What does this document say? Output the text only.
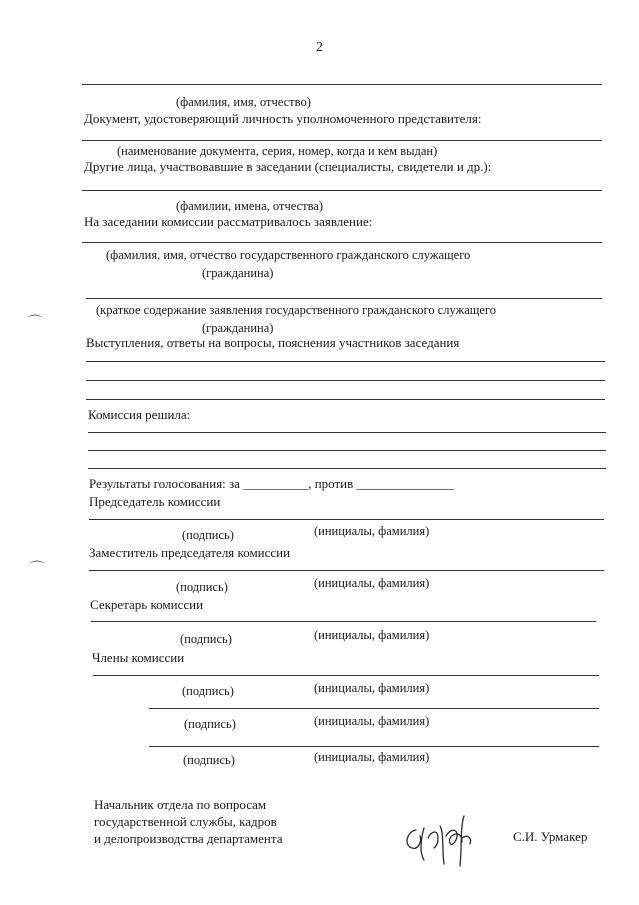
2
⌒
⌒
(фамилия, имя, отчество)
Документ, удостоверяющий личность уполномоченного представителя:
(наименование документа, серия, номер, когда и кем выдан)
Другие лица, участвовавшие в заседании (специалисты, свидетели и др.):
(фамилии, имена, отчества)
На заседании комиссии рассматривалось заявление:
(фамилия, имя, отчество государственного гражданского служащего
(гражданина)
(краткое содержание заявления государственного гражданского служащего
(гражданина)
Выступления, ответы на вопросы, пояснения участников заседания
Комиссия решила:
Результаты голосования: за __________, против _______________
Председатель комиссии
(подпись)	(инициалы, фамилия)
Заместитель председателя комиссии
(подпись)	(инициалы, фамилия)
Секретарь комиссии
(подпись)	(инициалы, фамилия)
Члены комиссии
(подпись)	(инициалы, фамилия)
(подпись)	(инициалы, фамилия)
(подпись)	(инициалы, фамилия)
Начальник отдела по вопросам
государственной службы, кадров
и делопроизводства департамента	С.И. Урмакер
